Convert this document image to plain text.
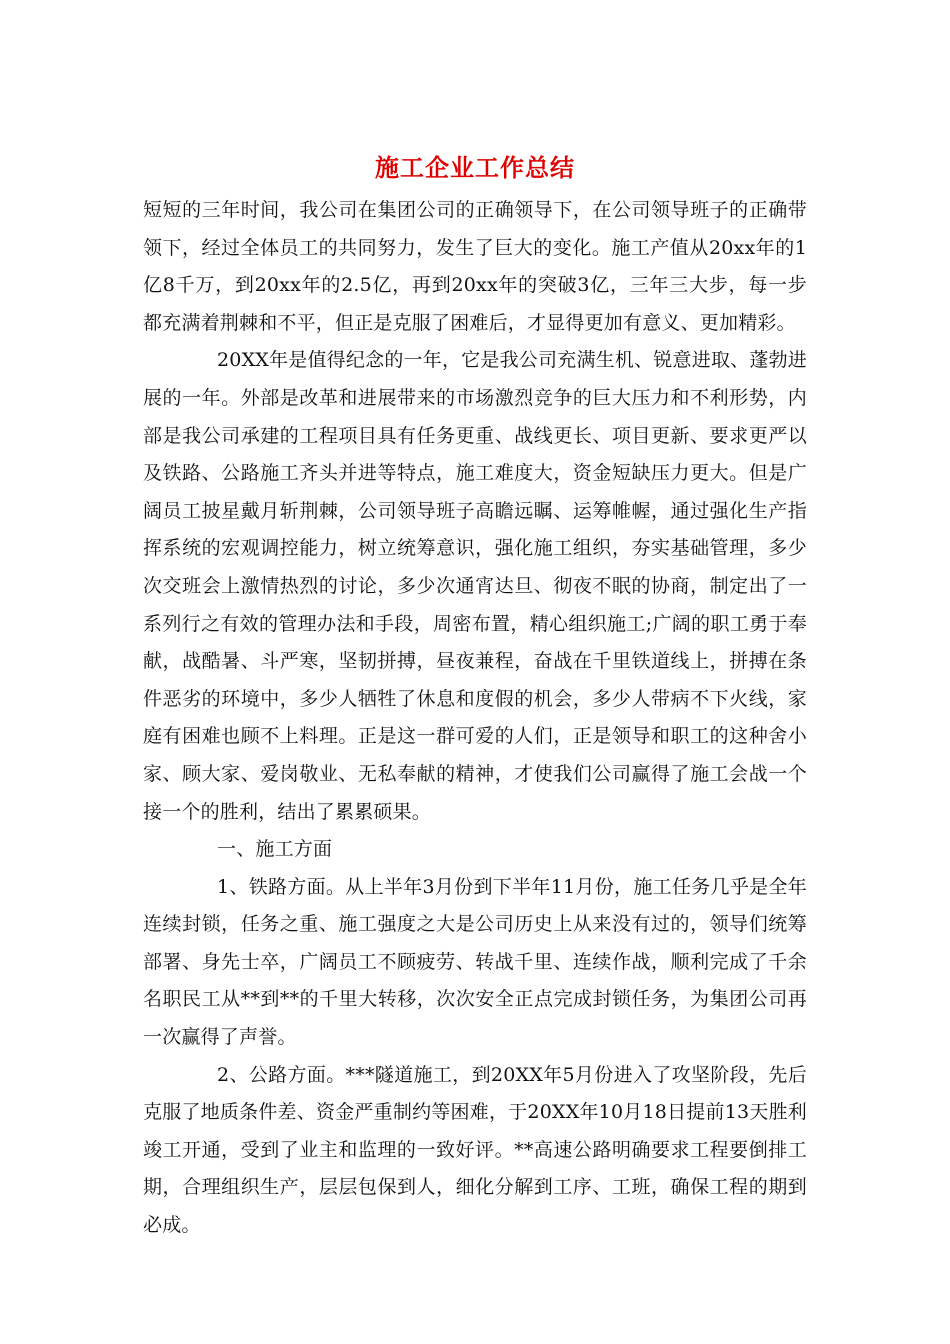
施工企业工作总结

短短的三年时间，我公司在集团公司的正确领导下，在公司领导班子的正确带领下，经过全体员工的共同努力，发生了巨大的变化。施工产值从20xx年的1亿8千万，到20xx年的2.5亿，再到20xx年的突破3亿，三年三大步，每一步都充满着荆棘和不平，但正是克服了困难后，才显得更加有意义、更加精彩。

20XX年是值得纪念的一年，它是我公司充满生机、锐意进取、蓬勃进展的一年。外部是改革和进展带来的市场激烈竞争的巨大压力和不利形势，内部是我公司承建的工程项目具有任务更重、战线更长、项目更新、要求更严以及铁路、公路施工齐头并进等特点，施工难度大，资金短缺压力更大。但是广阔员工披星戴月斩荆棘，公司领导班子高瞻远瞩、运筹帷幄，通过强化生产指挥系统的宏观调控能力，树立统筹意识，强化施工组织，夯实基础管理，多少次交班会上激情热烈的讨论，多少次通宵达旦、彻夜不眠的协商，制定出了一系列行之有效的管理办法和手段，周密布置，精心组织施工;广阔的职工勇于奉献，战酷暑、斗严寒，坚韧拼搏，昼夜兼程，奋战在千里铁道线上，拼搏在条件恶劣的环境中，多少人牺牲了休息和度假的机会，多少人带病不下火线，家庭有困难也顾不上料理。正是这一群可爱的人们，正是领导和职工的这种舍小家、顾大家、爱岗敬业、无私奉献的精神，才使我们公司赢得了施工会战一个接一个的胜利，结出了累累硕果。

一、施工方面

1、铁路方面。从上半年3月份到下半年11月份，施工任务几乎是全年连续封锁，任务之重、施工强度之大是公司历史上从来没有过的，领导们统筹部署、身先士卒，广阔员工不顾疲劳、转战千里、连续作战，顺利完成了千余名职民工从**到**的千里大转移，次次安全正点完成封锁任务，为集团公司再一次赢得了声誉。

2、公路方面。***隧道施工，到20XX年5月份进入了攻坚阶段，先后克服了地质条件差、资金严重制约等困难，于20XX年10月18日提前13天胜利竣工开通，受到了业主和监理的一致好评。**高速公路明确要求工程要倒排工期，合理组织生产，层层包保到人，细化分解到工序、工班，确保工程的期到必成。
